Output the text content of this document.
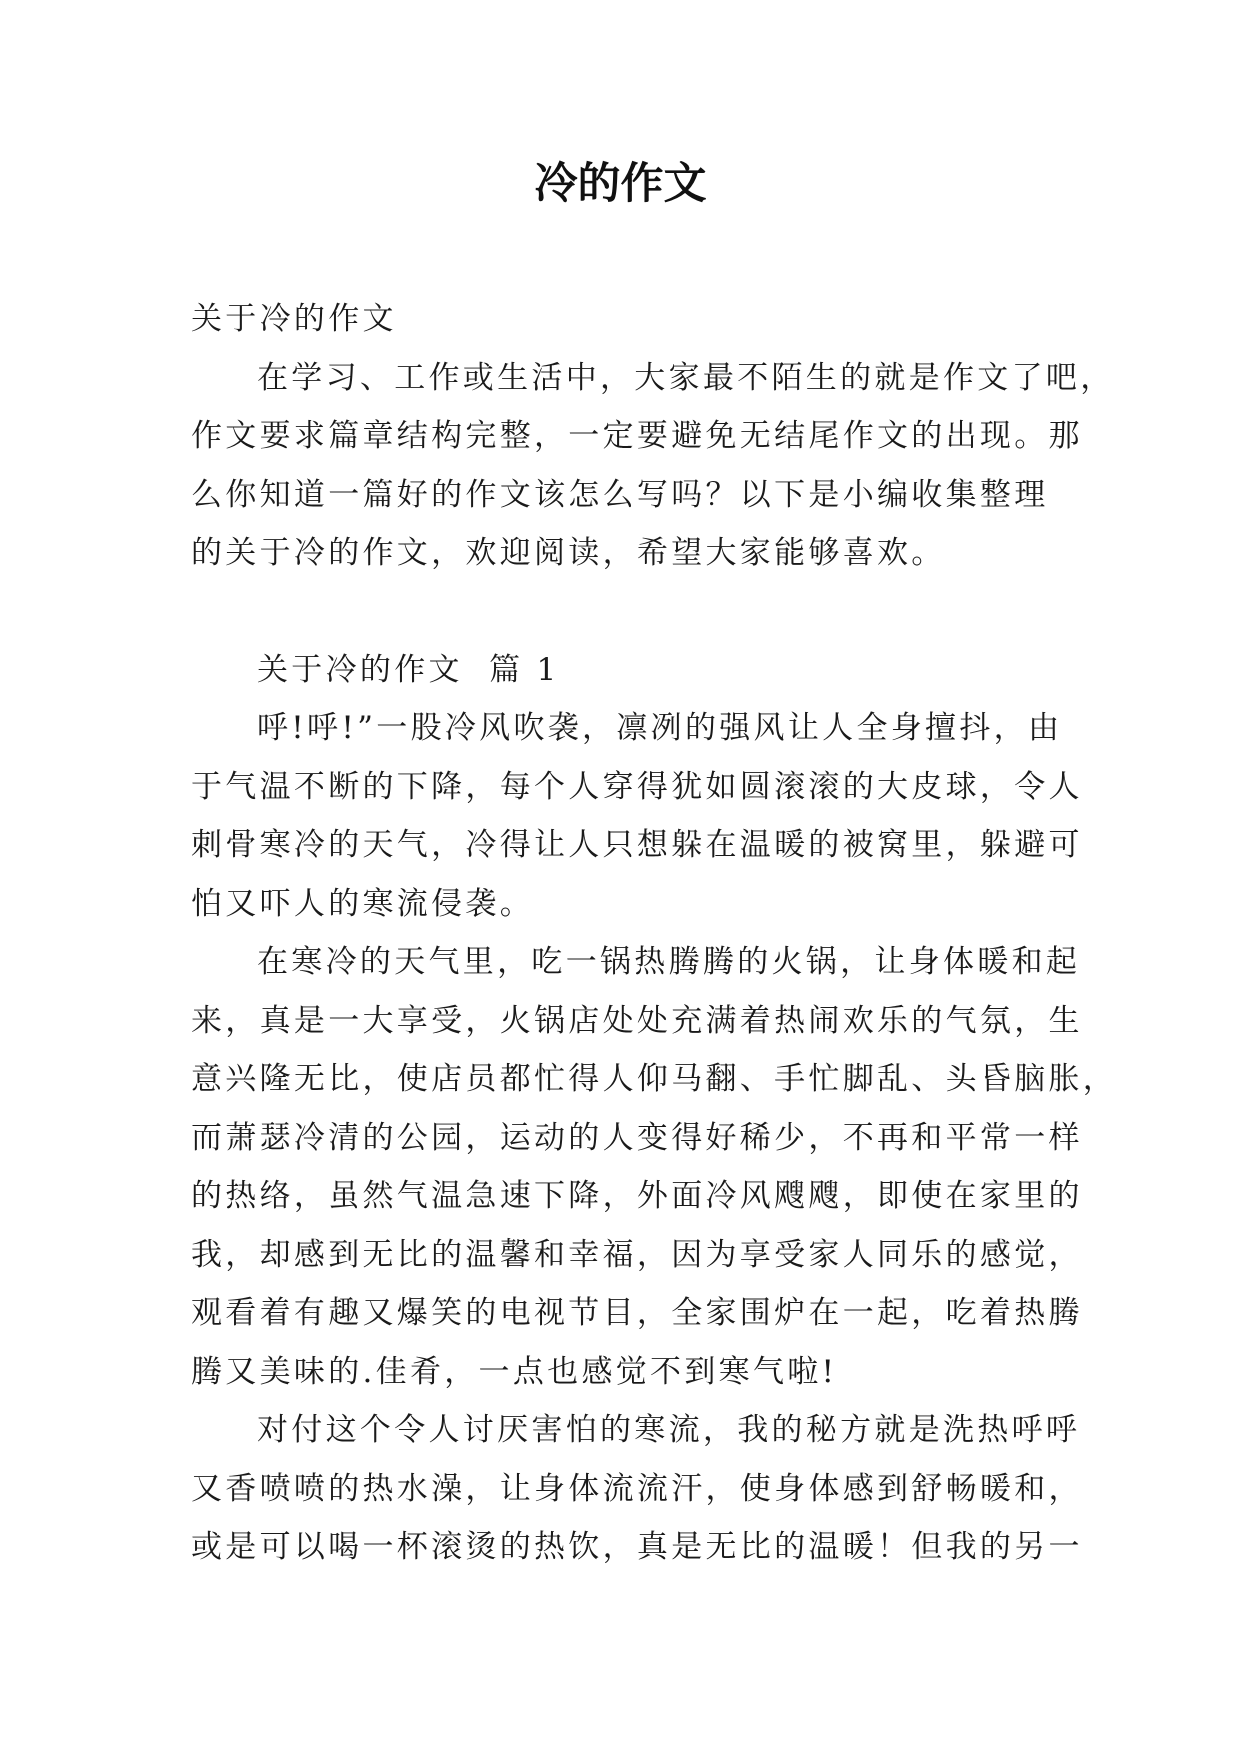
冷的作文
关于冷的作文
在学习、工作或生活中，大家最不陌生的就是作文了吧，
作文要求篇章结构完整，一定要避免无结尾作文的出现。那
么你知道一篇好的作文该怎么写吗？以下是小编收集整理
的关于冷的作文，欢迎阅读，希望大家能够喜欢。
关于冷的作文  篇 1
呼!呼!”一股冷风吹袭，凛冽的强风让人全身擅抖，由
于气温不断的下降，每个人穿得犹如圆滚滚的大皮球，令人
刺骨寒冷的天气，冷得让人只想躲在温暖的被窝里，躲避可
怕又吓人的寒流侵袭。
在寒冷的天气里，吃一锅热腾腾的火锅，让身体暖和起
来，真是一大享受，火锅店处处充满着热闹欢乐的气氛，生
意兴隆无比，使店员都忙得人仰马翻、手忙脚乱、头昏脑胀，
而萧瑟冷清的公园，运动的人变得好稀少，不再和平常一样
的热络，虽然气温急速下降，外面冷风飕飕，即使在家里的
我，却感到无比的温馨和幸福，因为享受家人同乐的感觉，
观看着有趣又爆笑的电视节目，全家围炉在一起，吃着热腾
腾又美味的.佳肴，一点也感觉不到寒气啦!
对付这个令人讨厌害怕的寒流，我的秘方就是洗热呼呼
又香喷喷的热水澡，让身体流流汗，使身体感到舒畅暖和，
或是可以喝一杯滚烫的热饮，真是无比的温暖！但我的另一
